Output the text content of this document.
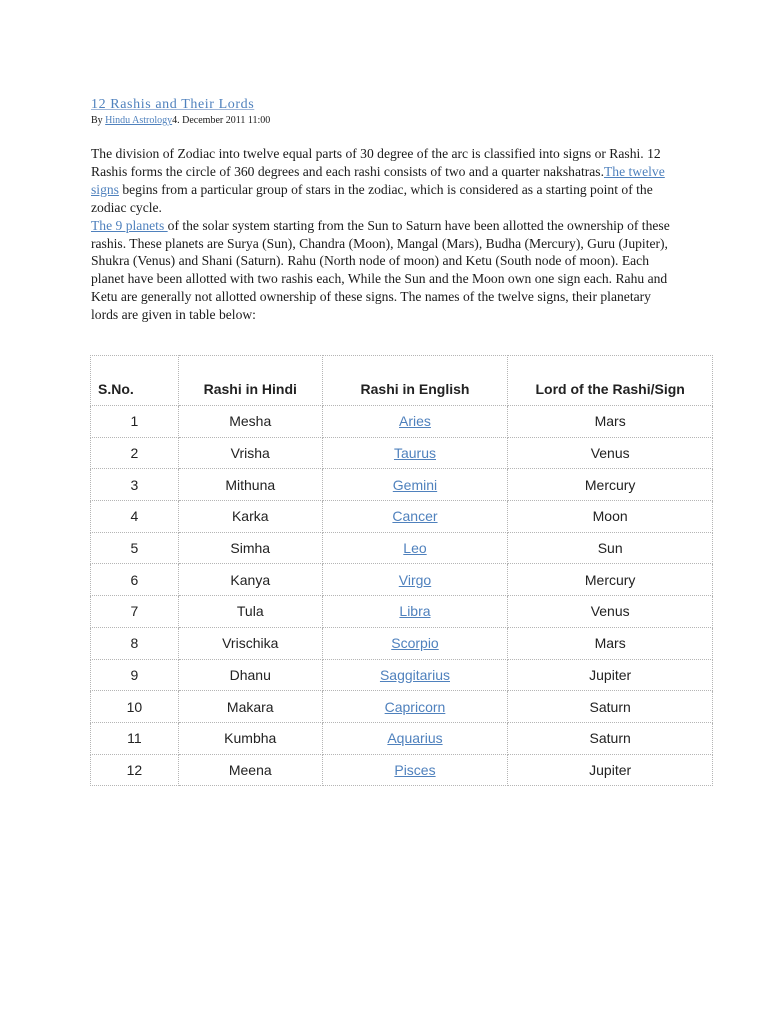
12 Rashis and Their Lords
By Hindu Astrology4. December 2011 11:00

The division of Zodiac into twelve equal parts of 30 degree of the arc is classified into signs or Rashi. 12 Rashis forms the circle of 360 degrees and each rashi consists of two and a quarter nakshatras.The twelve signs begins from a particular group of stars in the zodiac, which is considered as a starting point of the zodiac cycle.

The 9 planets of the solar system starting from the Sun to Saturn have been allotted the ownership of these rashis. These planets are Surya (Sun), Chandra (Moon), Mangal (Mars), Budha (Mercury), Guru (Jupiter), Shukra (Venus) and Shani (Saturn). Rahu (North node of moon) and Ketu (South node of moon). Each planet have been allotted with two rashis each, While the Sun and the Moon own one sign each. Rahu and Ketu are generally not allotted ownership of these signs. The names of the twelve signs, their planetary lords are given in table below:

S.No.	Rashi in Hindi	Rashi in English	Lord of the Rashi/Sign
1	Mesha	Aries	Mars
2	Vrisha	Taurus	Venus
3	Mithuna	Gemini	Mercury
4	Karka	Cancer	Moon
5	Simha	Leo	Sun
6	Kanya	Virgo	Mercury
7	Tula	Libra	Venus
8	Vrischika	Scorpio	Mars
9	Dhanu	Saggitarius	Jupiter
10	Makara	Capricorn	Saturn
11	Kumbha	Aquarius	Saturn
12	Meena	Pisces	Jupiter
